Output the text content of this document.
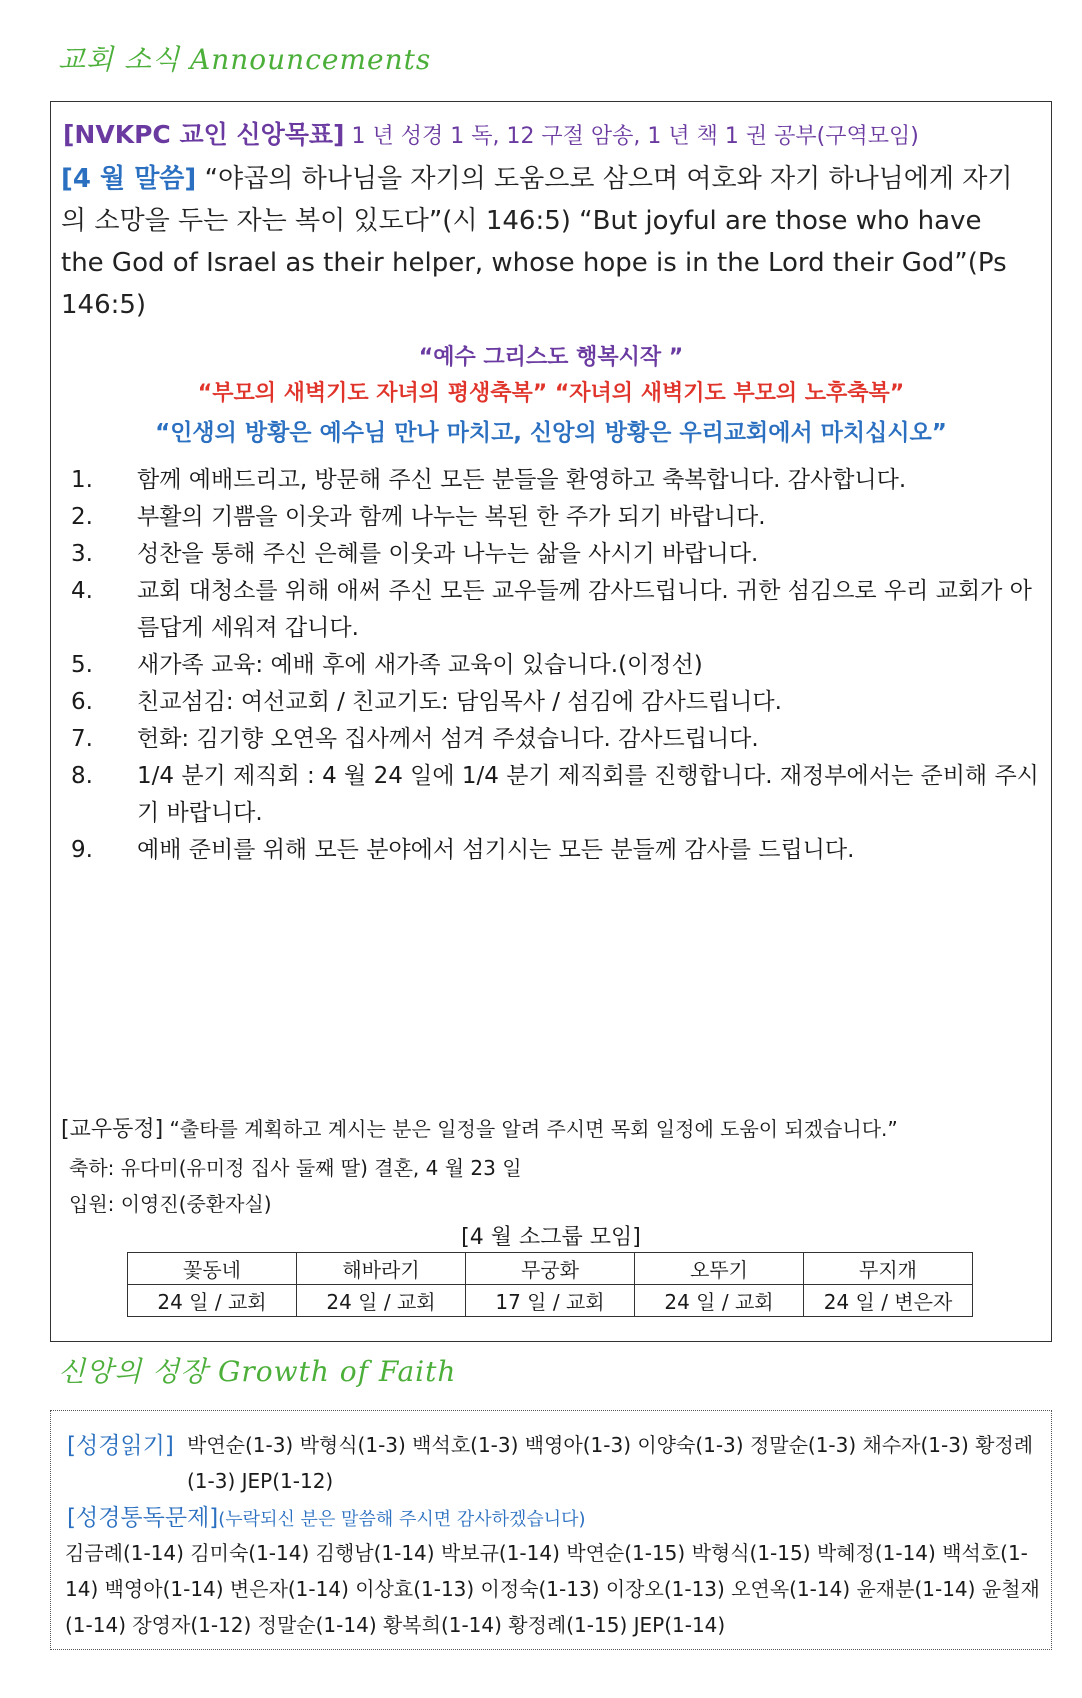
교회 소식 Announcements
[NVKPC 교인 신앙목표] 1 년 성경 1 독, 12 구절 암송, 1 년 책 1 권 공부(구역모임)
[4 월 말씀] “야곱의 하나님을 자기의 도움으로 삼으며 여호와 자기 하나님에게 자기의 소망을 두는 자는 복이 있도다”(시 146:5) “But joyful are those who have the God of Israel as their helper, whose hope is in the Lord their God”(Ps 146:5)
“예수 그리스도 행복시작 ”
“부모의 새벽기도 자녀의 평생축복” “자녀의 새벽기도 부모의 노후축복”
“인생의 방황은 예수님 만나 마치고, 신앙의 방황은 우리교회에서 마치십시오”
1.	함께 예배드리고, 방문해 주신 모든 분들을 환영하고 축복합니다. 감사합니다.
2.	부활의 기쁨을 이웃과 함께 나누는 복된 한 주가 되기 바랍니다.
3.	성찬을 통해 주신 은혜를 이웃과 나누는 삶을 사시기 바랍니다.
4.	교회 대청소를 위해 애써 주신 모든 교우들께 감사드립니다. 귀한 섬김으로 우리 교회가 아름답게 세워져 갑니다.
5.	새가족 교육: 예배 후에 새가족 교육이 있습니다.(이정선)
6.	친교섬김: 여선교회 / 친교기도: 담임목사 / 섬김에 감사드립니다.
7.	헌화: 김기향 오연옥 집사께서 섬겨 주셨습니다. 감사드립니다.
8.	1/4 분기 제직회 : 4 월 24 일에 1/4 분기 제직회를 진행합니다. 재정부에서는 준비해 주시기 바랍니다.
9.	예배 준비를 위해 모든 분야에서 섬기시는 모든 분들께 감사를 드립니다.
[교우동정] “출타를 계획하고 계시는 분은 일정을 알려 주시면 목회 일정에 도움이 되겠습니다.”
축하: 유다미(유미정 집사 둘째 딸) 결혼, 4 월 23 일
입원: 이영진(중환자실)
[4 월 소그룹 모임]
꽃동네	해바라기	무궁화	오뚜기	무지개
24 일 / 교회	24 일 / 교회	17 일 / 교회	24 일 / 교회	24 일 / 변은자
신앙의 성장 Growth of Faith
[성경읽기] 박연순(1-3) 박형식(1-3) 백석호(1-3) 백영아(1-3) 이양숙(1-3) 정말순(1-3) 채수자(1-3) 황정례(1-3) JEP(1-12)
[성경통독문제](누락되신 분은 말씀해 주시면 감사하겠습니다)
김금례(1-14) 김미숙(1-14) 김행남(1-14) 박보규(1-14) 박연순(1-15) 박형식(1-15) 박혜정(1-14) 백석호(1-14) 백영아(1-14) 변은자(1-14) 이상효(1-13) 이정숙(1-13) 이장오(1-13) 오연옥(1-14) 윤재분(1-14) 윤철재(1-14) 장영자(1-12) 정말순(1-14) 황복희(1-14) 황정례(1-15) JEP(1-14)
